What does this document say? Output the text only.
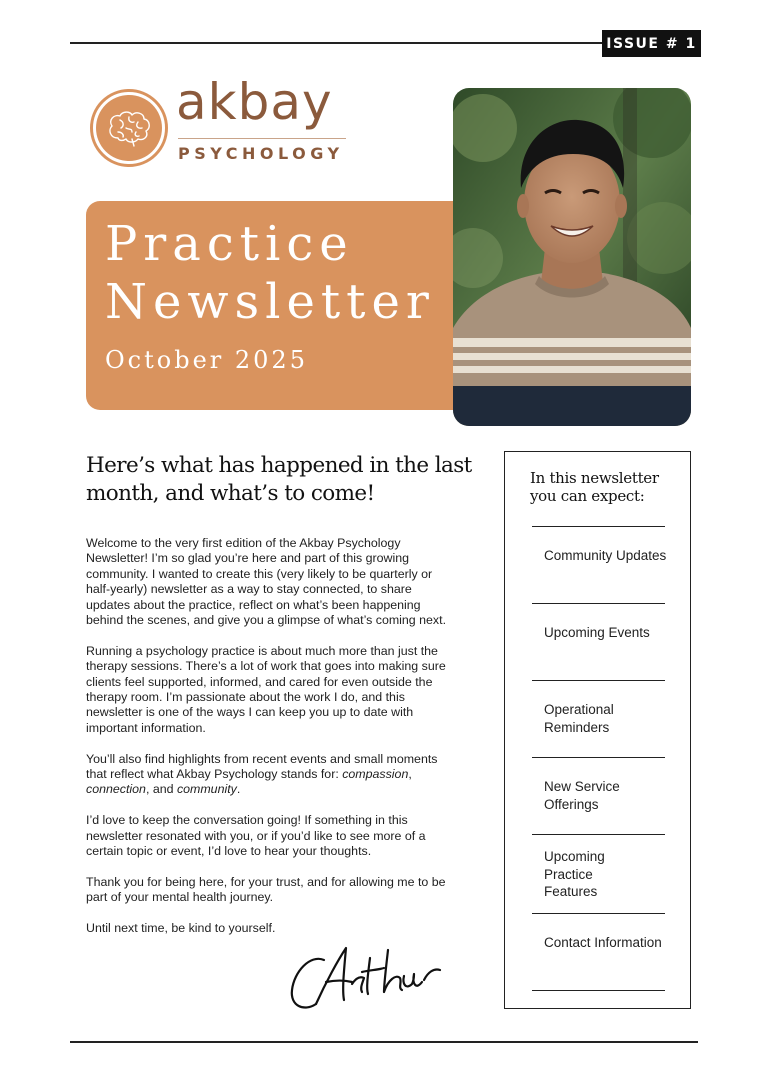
ISSUE # 1
akbay
PSYCHOLOGY
Practice
Newsletter
October 2025
Here’s what has happened in the last month, and what’s to come!

Welcome to the very first edition of the Akbay Psychology Newsletter! I’m so glad you’re here and part of this growing community. I wanted to create this (very likely to be quarterly or half-yearly) newsletter as a way to stay connected, to share updates about the practice, reflect on what’s been happening behind the scenes, and give you a glimpse of what’s coming next.

Running a psychology practice is about much more than just the therapy sessions. There’s a lot of work that goes into making sure clients feel supported, informed, and cared for even outside the therapy room. I’m passionate about the work I do, and this newsletter is one of the ways I can keep you up to date with important information.

You’ll also find highlights from recent events and small moments that reflect what Akbay Psychology stands for: compassion, connection, and community.

I’d love to keep the conversation going! If something in this newsletter resonated with you, or if you’d like to see more of a certain topic or event, I’d love to hear your thoughts.

Thank you for being here, for your trust, and for allowing me to be part of your mental health journey.

Until next time, be kind to yourself.

In this newsletter you can expect:
Community Updates
Upcoming Events
Operational Reminders
New Service Offerings
Upcoming Practice Features
Contact Information
